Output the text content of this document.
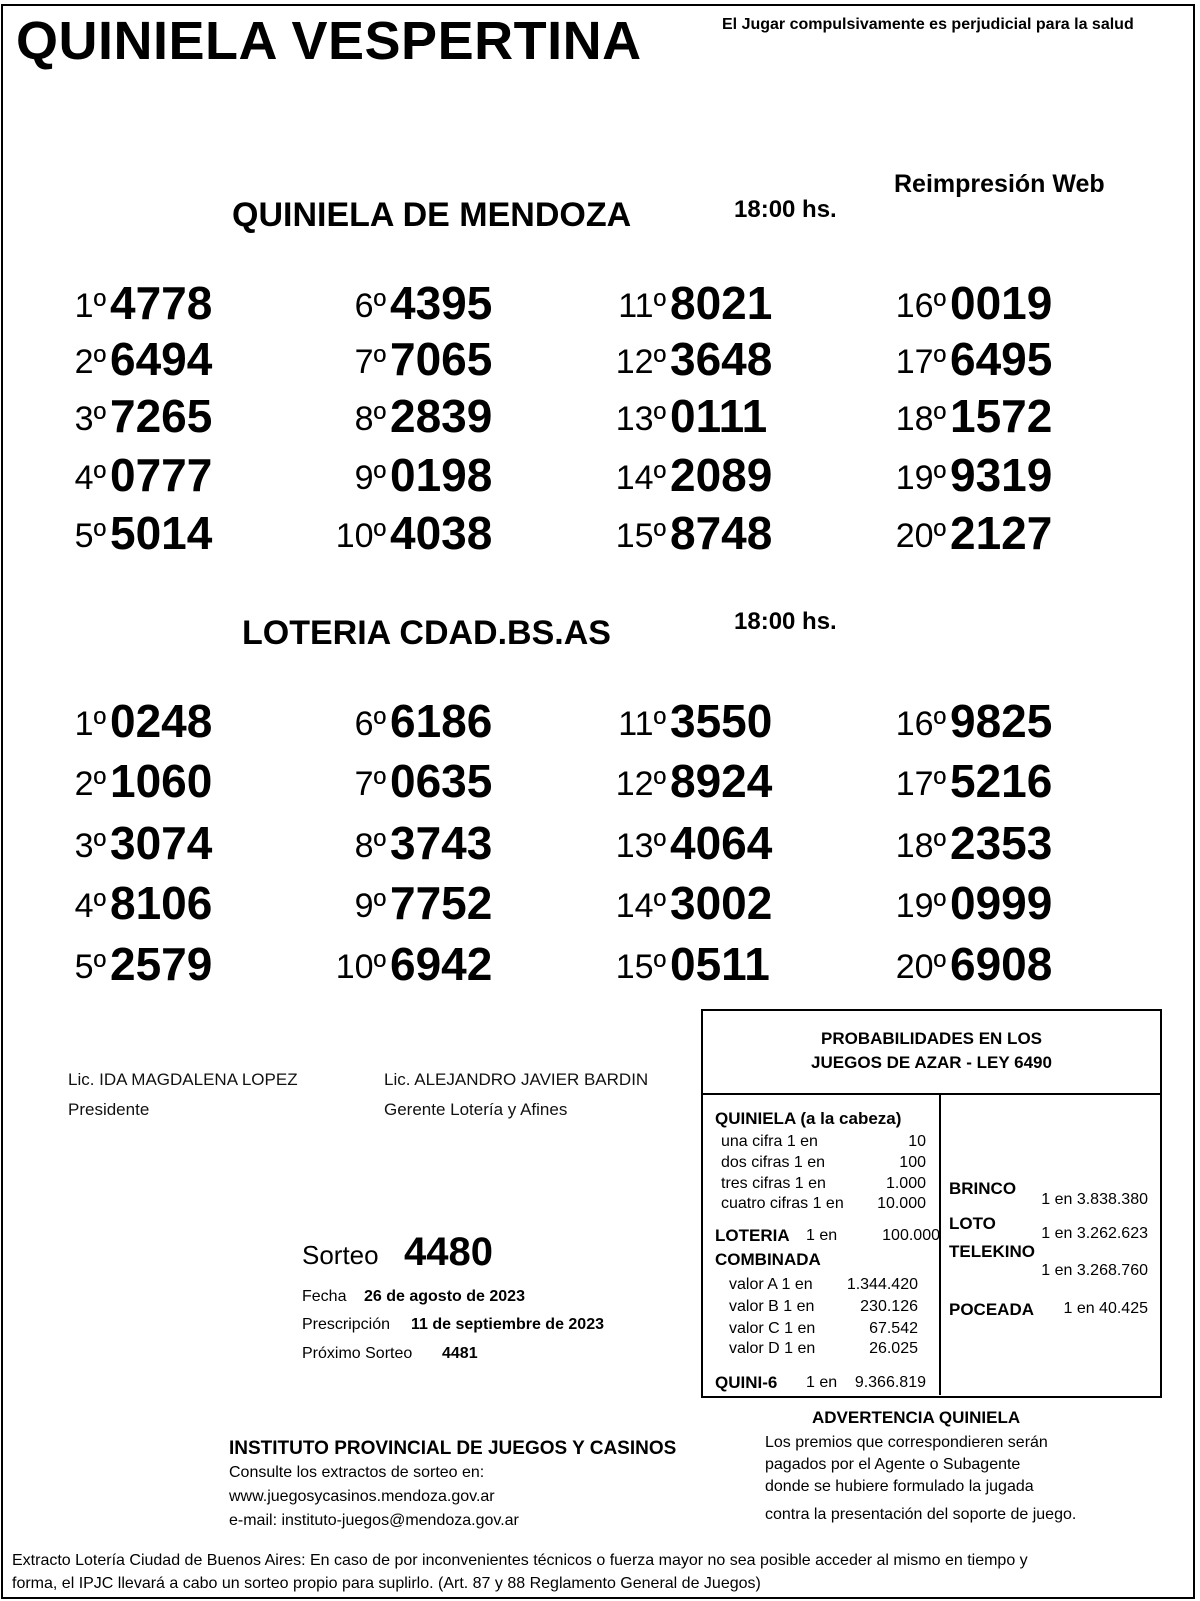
QUINIELA VESPERTINA	El Jugar compulsivamente es perjudicial para la salud
Reimpresión Web
QUINIELA DE MENDOZA	18:00 hs.
1º 4778
2º 6494
3º 7265
4º 0777
5º 5014
6º 4395
7º 7065
8º 2839
9º 0198
10º 4038
11º 8021
12º 3648
13º 0111
14º 2089
15º 8748
16º 0019
17º 6495
18º 1572
19º 9319
20º 2127
LOTERIA CDAD.BS.AS	18:00 hs.
1º 0248
2º 1060
3º 3074
4º 8106
5º 2579
6º 6186
7º 0635
8º 3743
9º 7752
10º 6942
11º 3550
12º 8924
13º 4064
14º 3002
15º 0511
16º 9825
17º 5216
18º 2353
19º 0999
20º 6908
Lic. IDA MAGDALENA LOPEZ
Presidente
Lic. ALEJANDRO JAVIER BARDIN
Gerente Lotería y Afines
Sorteo 4480
Fecha 26 de agosto de 2023
Prescripción 11 de septiembre de 2023
Próximo Sorteo 4481
PROBABILIDADES EN LOS
JUEGOS DE AZAR - LEY 6490
QUINIELA (a la cabeza)
una cifra 1 en	10
dos cifras 1 en	100
tres cifras 1 en	1.000
cuatro cifras 1 en 10.000
LOTERIA 1 en	100.000
COMBINADA
valor A 1 en 1.344.420
valor B 1 en	230.126
valor C 1 en	67.542
valor D 1 en	26.025
QUINI-6 1 en 9.366.819
BRINCO
1 en 3.838.380
LOTO
1 en 3.262.623
TELEKINO
1 en 3.268.760
POCEADA 1 en 40.425
ADVERTENCIA QUINIELA
Los premios que correspondieren serán
pagados por el Agente o Subagente
donde se hubiere formulado la jugada
contra la presentación del soporte de juego.
INSTITUTO PROVINCIAL DE JUEGOS Y CASINOS
Consulte los extractos de sorteo en:
www.juegosycasinos.mendoza.gov.ar
e-mail: instituto-juegos@mendoza.gov.ar
Extracto Lotería Ciudad de Buenos Aires: En caso de por inconvenientes técnicos o fuerza mayor no sea posible acceder al mismo en tiempo y
forma, el IPJC llevará a cabo un sorteo propio para suplirlo. (Art. 87 y 88 Reglamento General de Juegos)
